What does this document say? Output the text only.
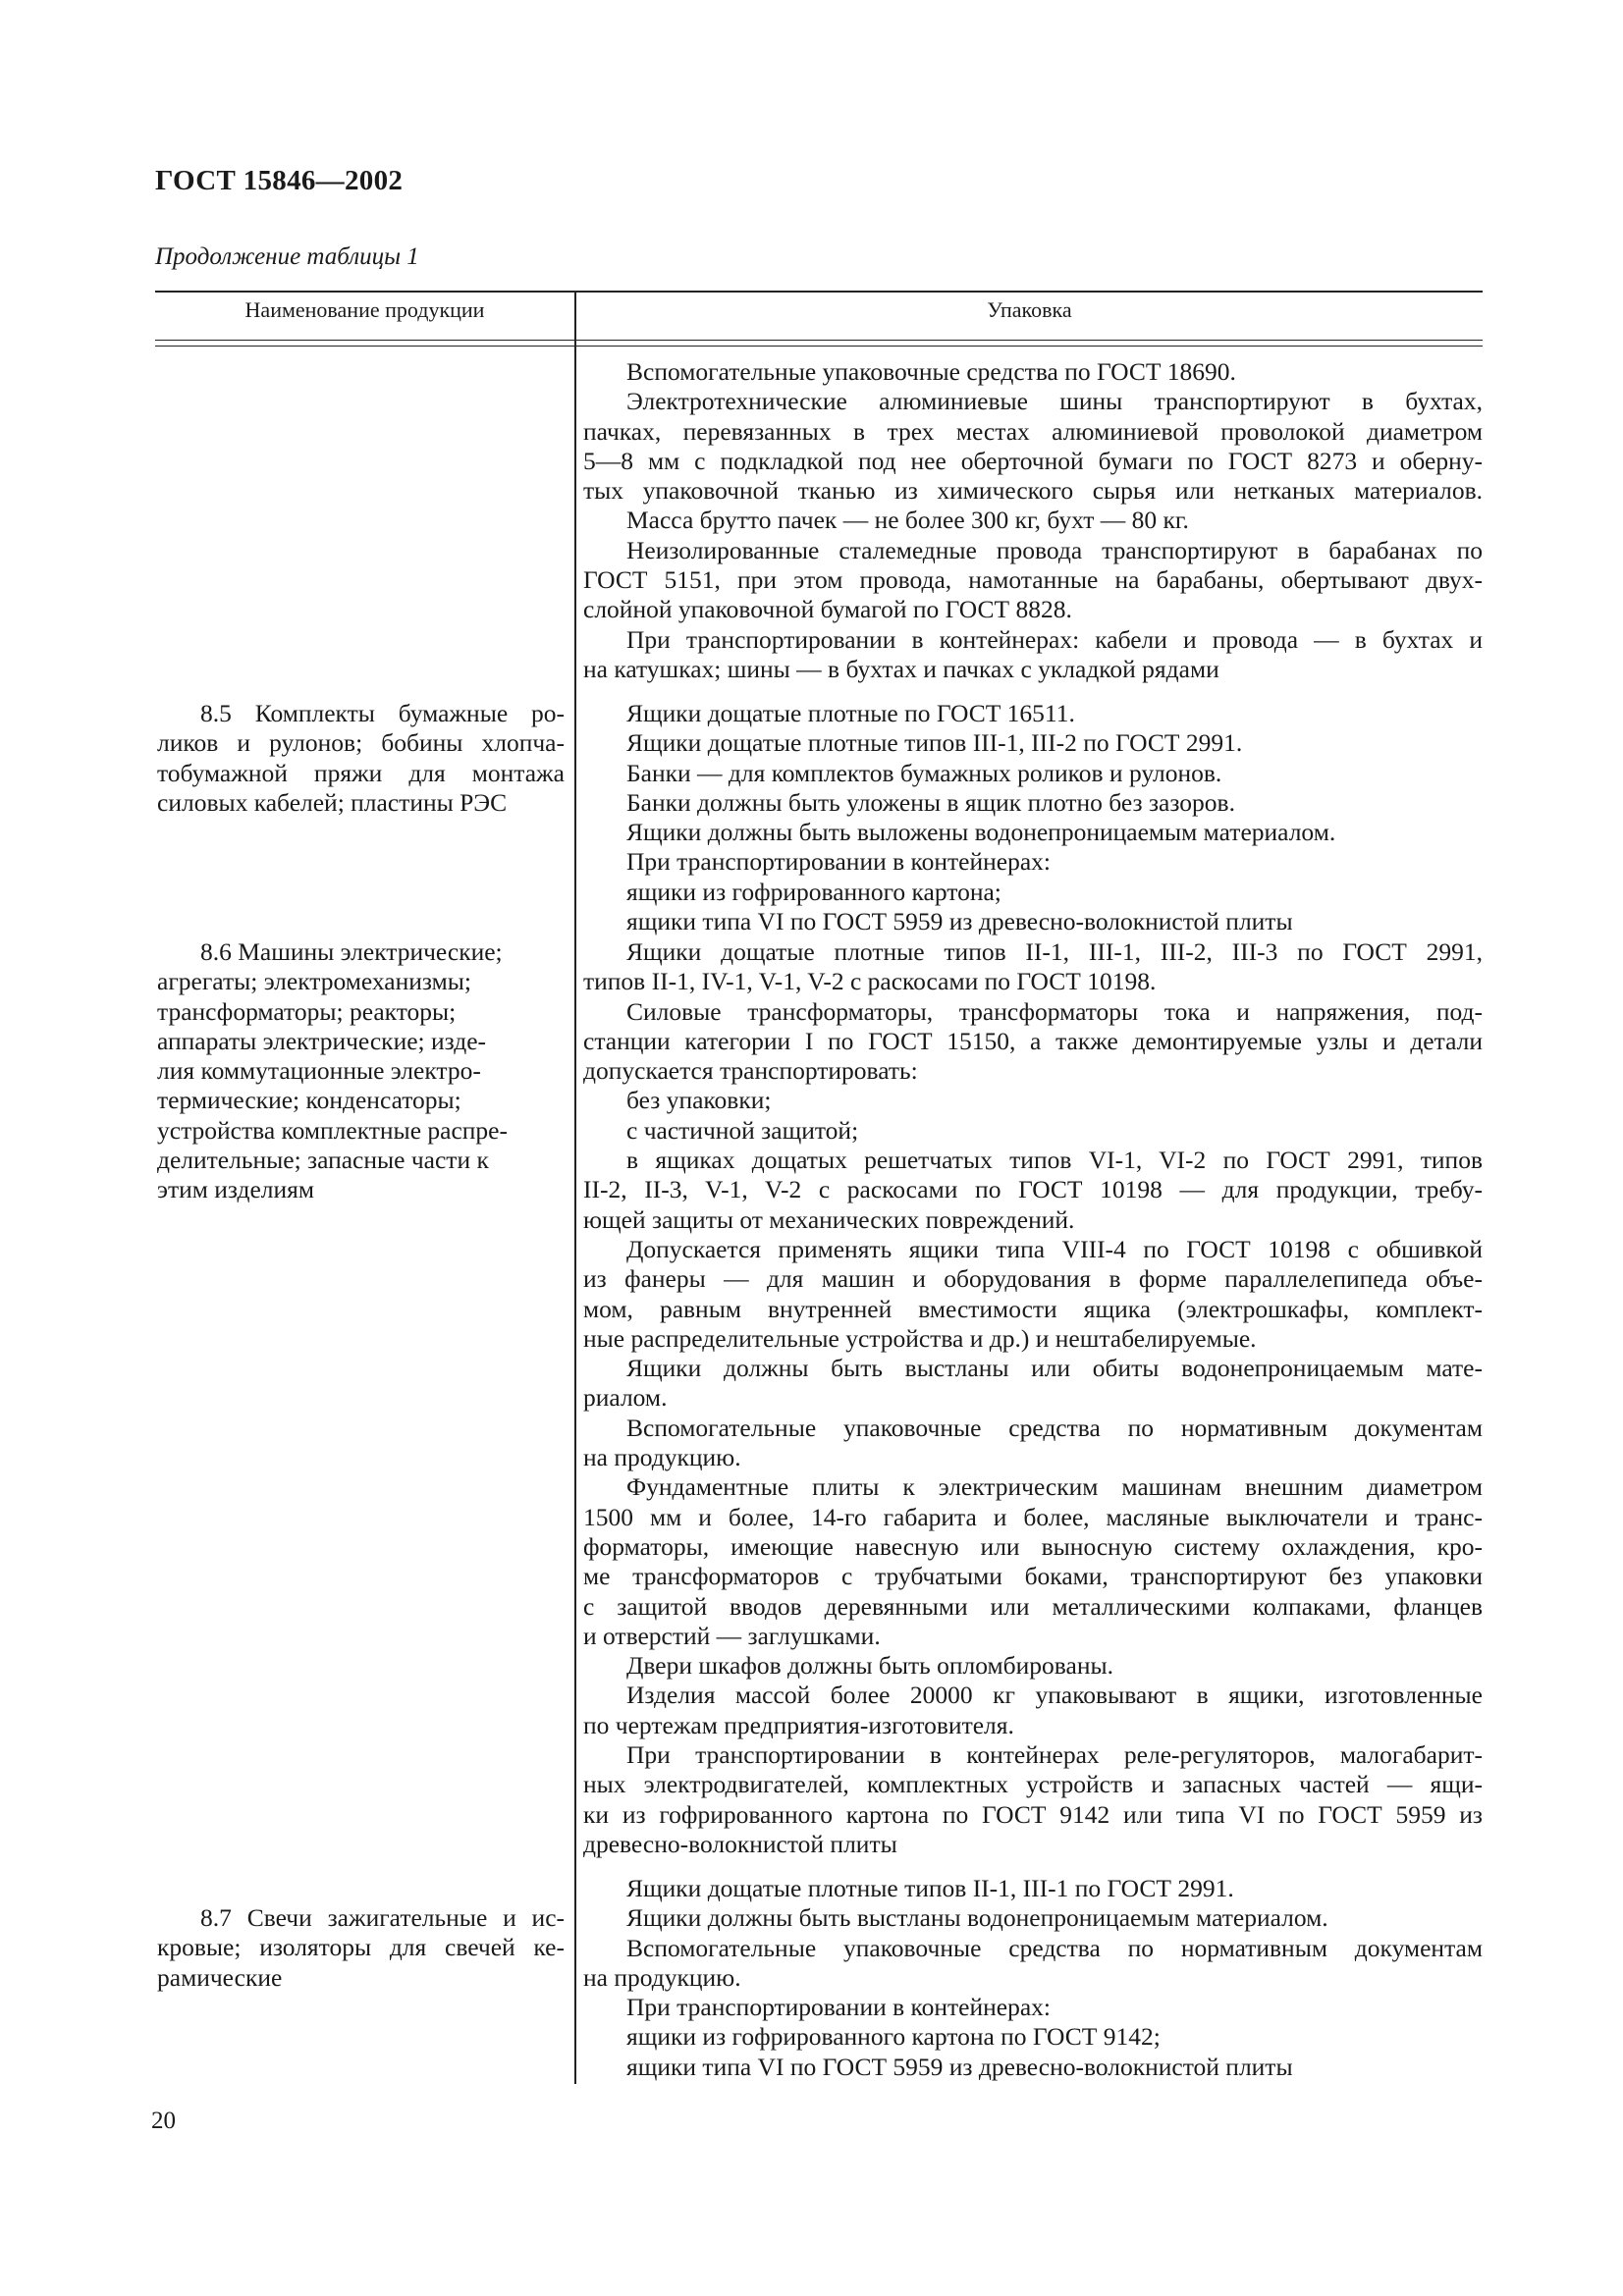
ГОСТ 15846—2002
Продолжение таблицы 1
Наименование продукции	Упаковка

Вспомогательные упаковочные средства по ГОСТ 18690.

Электротехнические алюминиевые шины транспортируют в бухтах,

пачках, перевязанных в трех местах алюминиевой проволокой диаметром

5—8 мм с подкладкой под нее оберточной бумаги по ГОСТ 8273 и оберну-

тых упаковочной тканью из химического сырья или нетканых материалов.

Масса брутто пачек — не более 300 кг, бухт — 80 кг.

Неизолированные сталемедные провода транспортируют в барабанах по

ГОСТ 5151, при этом провода, намотанные на барабаны, обертывают двух-

слойной упаковочной бумагой по ГОСТ 8828.

При транспортировании в контейнерах: кабели и провода — в бухтах и

на катушках; шины — в бухтах и пачках с укладкой рядами

8.5 Комплекты бумажные ро-

ликов и рулонов; бобины хлопча-

тобумажной пряжи для монтажа

силовых кабелей; пластины РЭС

Ящики дощатые плотные по ГОСТ 16511.

Ящики дощатые плотные типов III-1, III-2 по ГОСТ 2991.

Банки — для комплектов бумажных роликов и рулонов.

Банки должны быть уложены в ящик плотно без зазоров.

Ящики должны быть выложены водонепроницаемым материалом.

При транспортировании в контейнерах:

ящики из гофрированного картона;

ящики типа VI по ГОСТ 5959 из древесно-волокнистой плиты

8.6 Машины электрические;

агрегаты; электромеханизмы;

трансформаторы; реакторы;

аппараты электрические; изде-

лия коммутационные электро-

термические; конденсаторы;

устройства комплектные распре-

делительные; запасные части к

этим изделиям

Ящики дощатые плотные типов II-1, III-1, III-2, III-3 по ГОСТ 2991,

типов II-1, IV-1, V-1, V-2 с раскосами по ГОСТ 10198.

Силовые трансформаторы, трансформаторы тока и напряжения, под-

станции категории I по ГОСТ 15150, а также демонтируемые узлы и детали

допускается транспортировать:

без упаковки;

с частичной защитой;

в ящиках дощатых решетчатых типов VI-1, VI-2 по ГОСТ 2991, типов

II-2, II-3, V-1, V-2 с раскосами по ГОСТ 10198 — для продукции, требу-

ющей защиты от механических повреждений.

Допускается применять ящики типа VIII-4 по ГОСТ 10198 с обшивкой

из фанеры — для машин и оборудования в форме параллелепипеда объе-

мом, равным внутренней вместимости ящика (электрошкафы, комплект-

ные распределительные устройства и др.) и нештабелируемые.

Ящики должны быть выстланы или обиты водонепроницаемым мате-

риалом.

Вспомогательные упаковочные средства по нормативным документам

на продукцию.

Фундаментные плиты к электрическим машинам внешним диаметром

1500 мм и более, 14-го габарита и более, масляные выключатели и транс-

форматоры, имеющие навесную или выносную систему охлаждения, кро-

ме трансформаторов с трубчатыми боками, транспортируют без упаковки

с защитой вводов деревянными или металлическими колпаками, фланцев

и отверстий — заглушками.

Двери шкафов должны быть опломбированы.

Изделия массой более 20000 кг упаковывают в ящики, изготовленные

по чертежам предприятия-изготовителя.

При транспортировании в контейнерах реле-регуляторов, малогабарит-

ных электродвигателей, комплектных устройств и запасных частей — ящи-

ки из гофрированного картона по ГОСТ 9142 или типа VI по ГОСТ 5959 из

древесно-волокнистой плиты

8.7 Свечи зажигательные и ис-

кровые; изоляторы для свечей ке-

рамические

Ящики дощатые плотные типов II-1, III-1 по ГОСТ 2991.

Ящики должны быть выстланы водонепроницаемым материалом.

Вспомогательные упаковочные средства по нормативным документам

на продукцию.

При транспортировании в контейнерах:

ящики из гофрированного картона по ГОСТ 9142;

ящики типа VI по ГОСТ 5959 из древесно-волокнистой плиты

20
